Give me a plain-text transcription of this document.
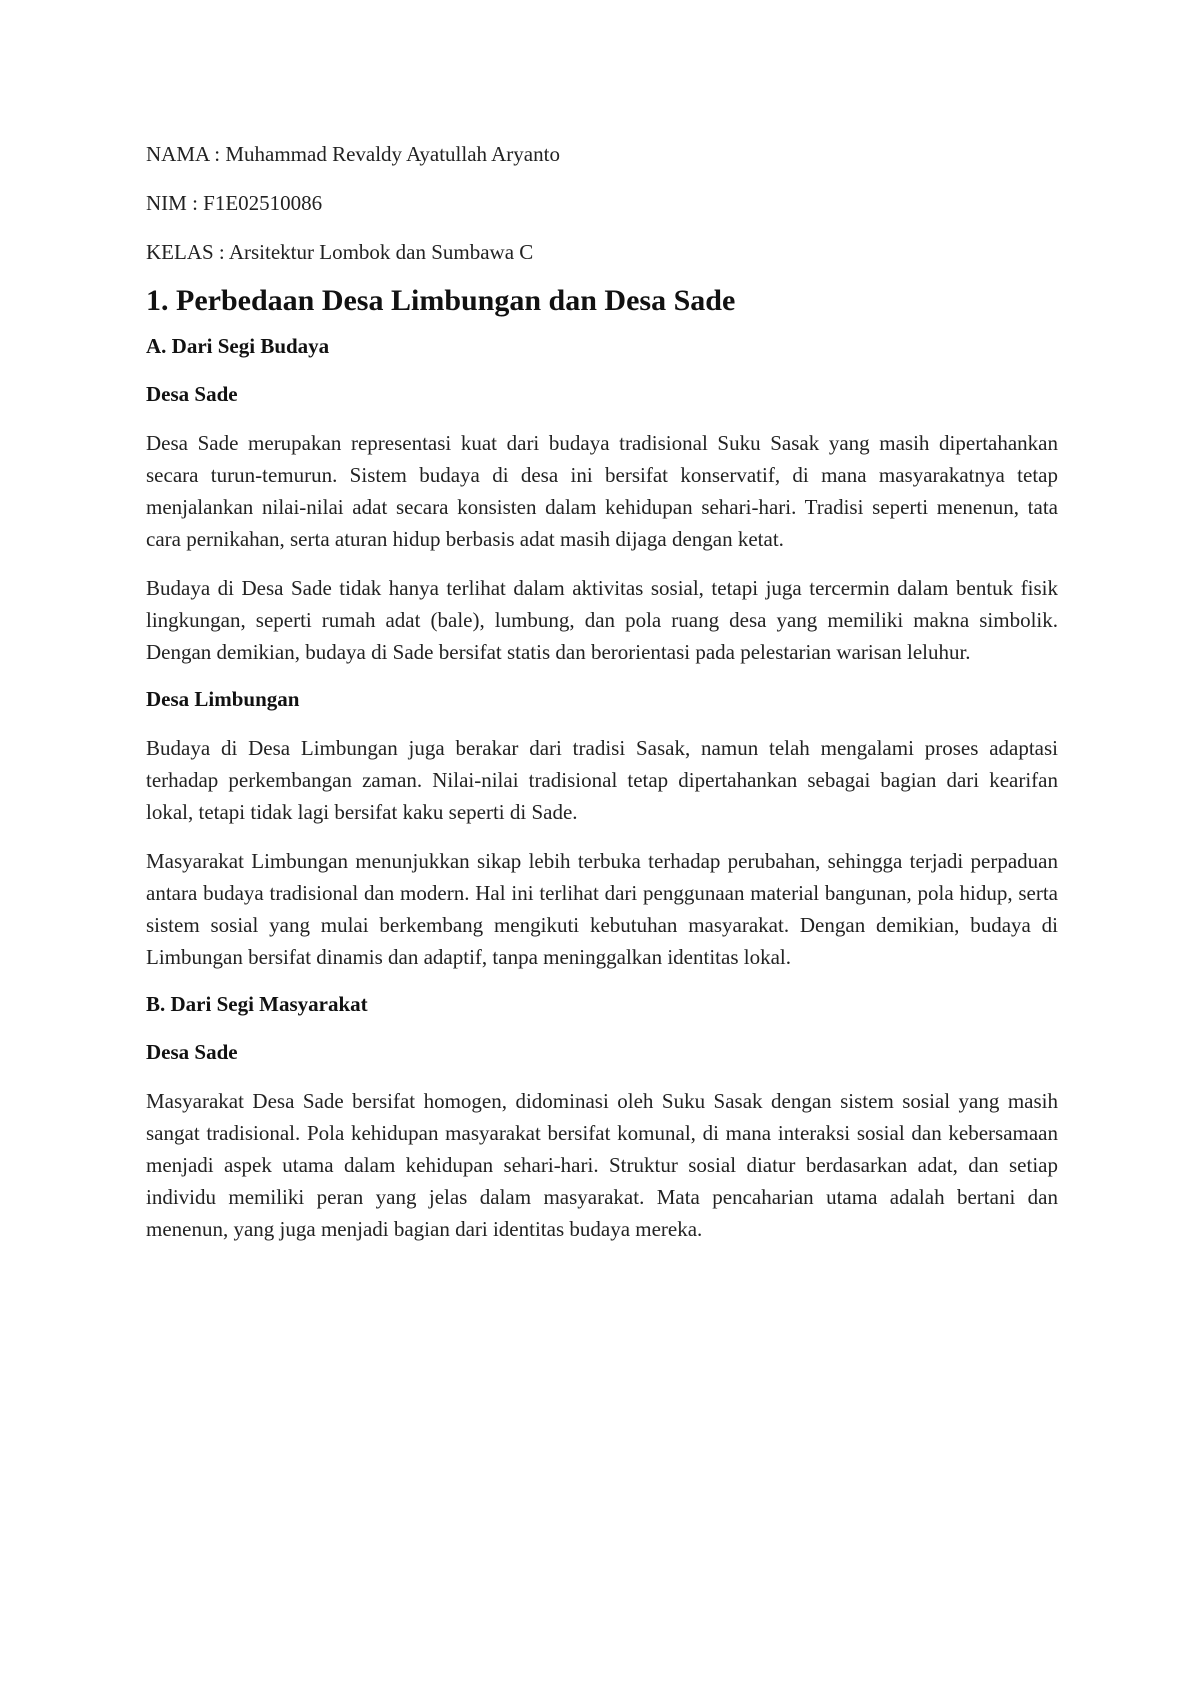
NAMA : Muhammad Revaldy Ayatullah Aryanto

NIM : F1E02510086

KELAS : Arsitektur Lombok dan Sumbawa C

1. Perbedaan Desa Limbungan dan Desa Sade
A. Dari Segi Budaya
Desa Sade

Desa Sade merupakan representasi kuat dari budaya tradisional Suku Sasak yang masih dipertahankan secara turun-temurun. Sistem budaya di desa ini bersifat konservatif, di mana masyarakatnya tetap menjalankan nilai-nilai adat secara konsisten dalam kehidupan sehari-hari. Tradisi seperti menenun, tata cara pernikahan, serta aturan hidup berbasis adat masih dijaga dengan ketat.

Budaya di Desa Sade tidak hanya terlihat dalam aktivitas sosial, tetapi juga tercermin dalam bentuk fisik lingkungan, seperti rumah adat (bale), lumbung, dan pola ruang desa yang memiliki makna simbolik. Dengan demikian, budaya di Sade bersifat statis dan berorientasi pada pelestarian warisan leluhur.

Desa Limbungan

Budaya di Desa Limbungan juga berakar dari tradisi Sasak, namun telah mengalami proses adaptasi terhadap perkembangan zaman. Nilai-nilai tradisional tetap dipertahankan sebagai bagian dari kearifan lokal, tetapi tidak lagi bersifat kaku seperti di Sade.

Masyarakat Limbungan menunjukkan sikap lebih terbuka terhadap perubahan, sehingga terjadi perpaduan antara budaya tradisional dan modern. Hal ini terlihat dari penggunaan material bangunan, pola hidup, serta sistem sosial yang mulai berkembang mengikuti kebutuhan masyarakat. Dengan demikian, budaya di Limbungan bersifat dinamis dan adaptif, tanpa meninggalkan identitas lokal.

B. Dari Segi Masyarakat
Desa Sade

Masyarakat Desa Sade bersifat homogen, didominasi oleh Suku Sasak dengan sistem sosial yang masih sangat tradisional. Pola kehidupan masyarakat bersifat komunal, di mana interaksi sosial dan kebersamaan menjadi aspek utama dalam kehidupan sehari-hari. Struktur sosial diatur berdasarkan adat, dan setiap individu memiliki peran yang jelas dalam masyarakat. Mata pencaharian utama adalah bertani dan menenun, yang juga menjadi bagian dari identitas budaya mereka.
